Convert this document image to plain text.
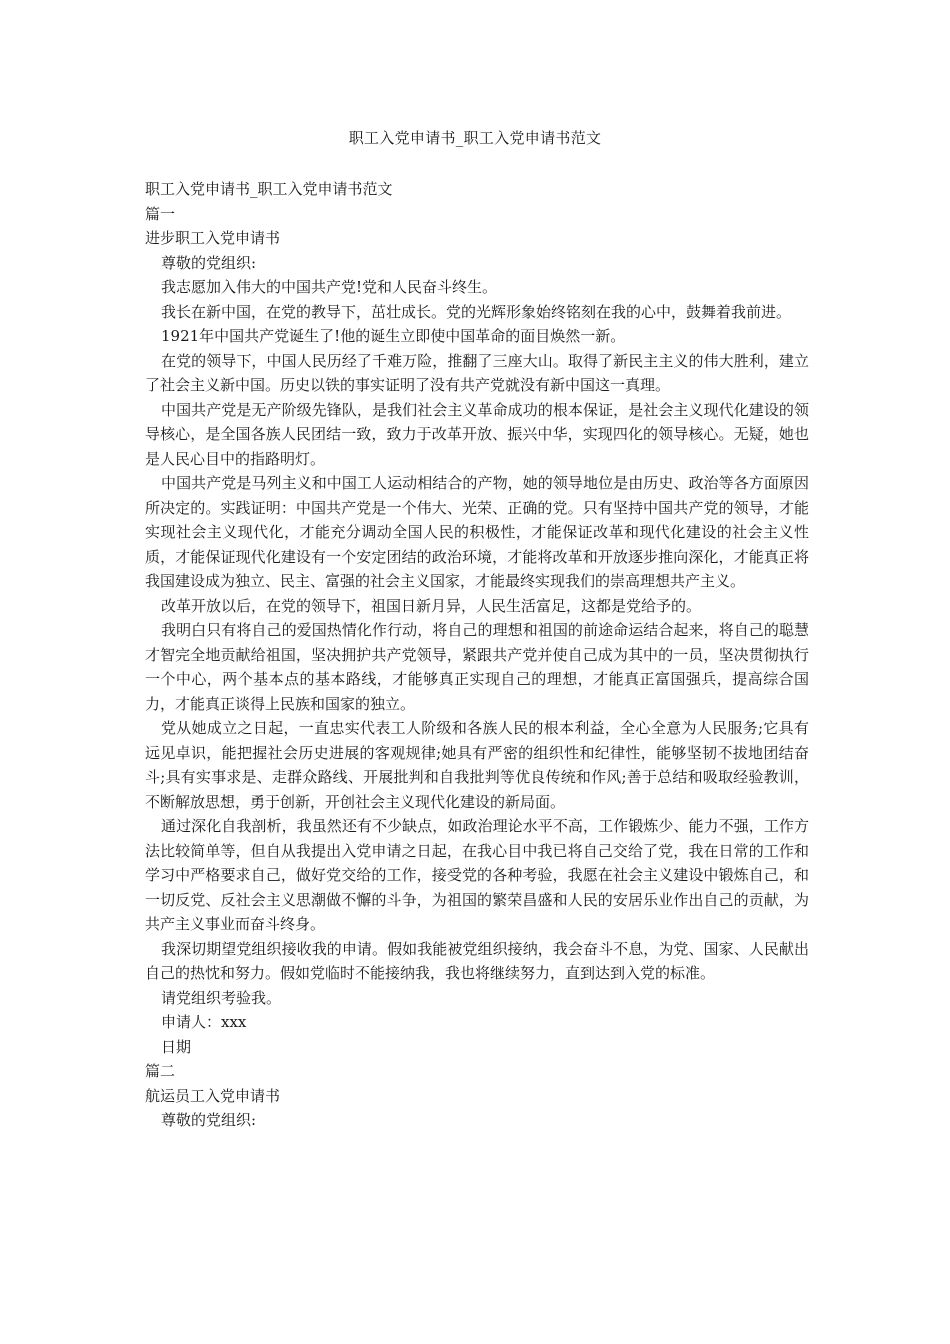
职工入党申请书_职工入党申请书范文

职工入党申请书_职工入党申请书范文

篇一

进步职工入党申请书

尊敬的党组织:

我志愿加入伟大的中国共产党!党和人民奋斗终生。

我长在新中国，在党的教导下，茁壮成长。党的光辉形象始终铭刻在我的心中，鼓舞着我前进。

1921年中国共产党诞生了!他的诞生立即使中国革命的面目焕然一新。

在党的领导下，中国人民历经了千难万险，推翻了三座大山。取得了新民主主义的伟大胜利，建立了社会主义新中国。历史以铁的事实证明了没有共产党就没有新中国这一真理。

中国共产党是无产阶级先锋队，是我们社会主义革命成功的根本保证，是社会主义现代化建设的领导核心，是全国各族人民团结一致，致力于改革开放、振兴中华，实现四化的领导核心。无疑，她也是人民心目中的指路明灯。

中国共产党是马列主义和中国工人运动相结合的产物，她的领导地位是由历史、政治等各方面原因所决定的。实践证明：中国共产党是一个伟大、光荣、正确的党。只有坚持中国共产党的领导，才能实现社会主义现代化，才能充分调动全国人民的积极性，才能保证改革和现代化建设的社会主义性质，才能保证现代化建设有一个安定团结的政治环境，才能将改革和开放逐步推向深化，才能真正将我国建设成为独立、民主、富强的社会主义国家，才能最终实现我们的崇高理想共产主义。

改革开放以后，在党的领导下，祖国日新月异，人民生活富足，这都是党给予的。

我明白只有将自己的爱国热情化作行动，将自己的理想和祖国的前途命运结合起来，将自己的聪慧才智完全地贡献给祖国，坚决拥护共产党领导，紧跟共产党并使自己成为其中的一员，坚决贯彻执行一个中心，两个基本点的基本路线，才能够真正实现自己的理想，才能真正富国强兵，提高综合国力，才能真正谈得上民族和国家的独立。

党从她成立之日起，一直忠实代表工人阶级和各族人民的根本利益，全心全意为人民服务;它具有远见卓识，能把握社会历史进展的客观规律;她具有严密的组织性和纪律性，能够坚韧不拔地团结奋斗;具有实事求是、走群众路线、开展批判和自我批判等优良传统和作风;善于总结和吸取经验教训，不断解放思想，勇于创新，开创社会主义现代化建设的新局面。

通过深化自我剖析，我虽然还有不少缺点，如政治理论水平不高，工作锻炼少、能力不强，工作方法比较简单等，但自从我提出入党申请之日起，在我心目中我已将自己交给了党，我在日常的工作和学习中严格要求自己，做好党交给的工作，接受党的各种考验，我愿在社会主义建设中锻炼自己，和一切反党、反社会主义思潮做不懈的斗争，为祖国的繁荣昌盛和人民的安居乐业作出自己的贡献，为共产主义事业而奋斗终身。

我深切期望党组织接收我的申请。假如我能被党组织接纳，我会奋斗不息，为党、国家、人民献出自己的热忱和努力。假如党临时不能接纳我，我也将继续努力，直到达到入党的标准。

请党组织考验我。

申请人：xxx

日期

篇二

航运员工入党申请书

尊敬的党组织:
